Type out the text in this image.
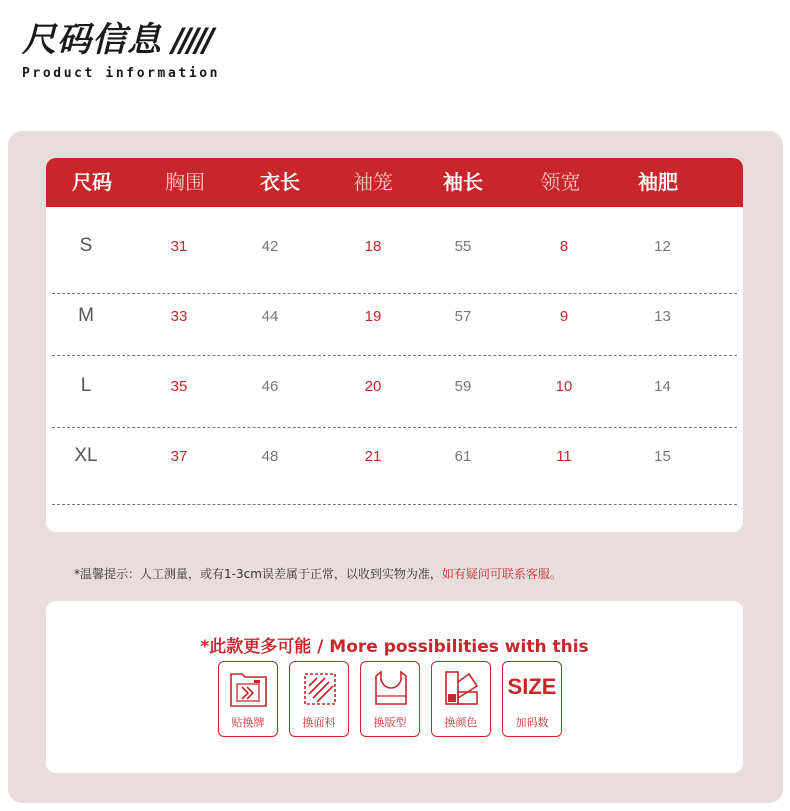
尺码信息 /////
Product information
尺码	胸围	衣长	袖笼	袖长	领宽	袖肥
S	31	42	18	55	8	12
M	33	44	19	57	9	13
L	35	46	20	59	10	14
XL	37	48	21	61	11	15
*温馨提示：人工测量，或有1-3cm误差属于正常，以收到实物为准，如有疑问可联系客服。
*此款更多可能 / More possibilities with this
贴换牌	换面料	换版型	换颜色
SIZE
加码数
